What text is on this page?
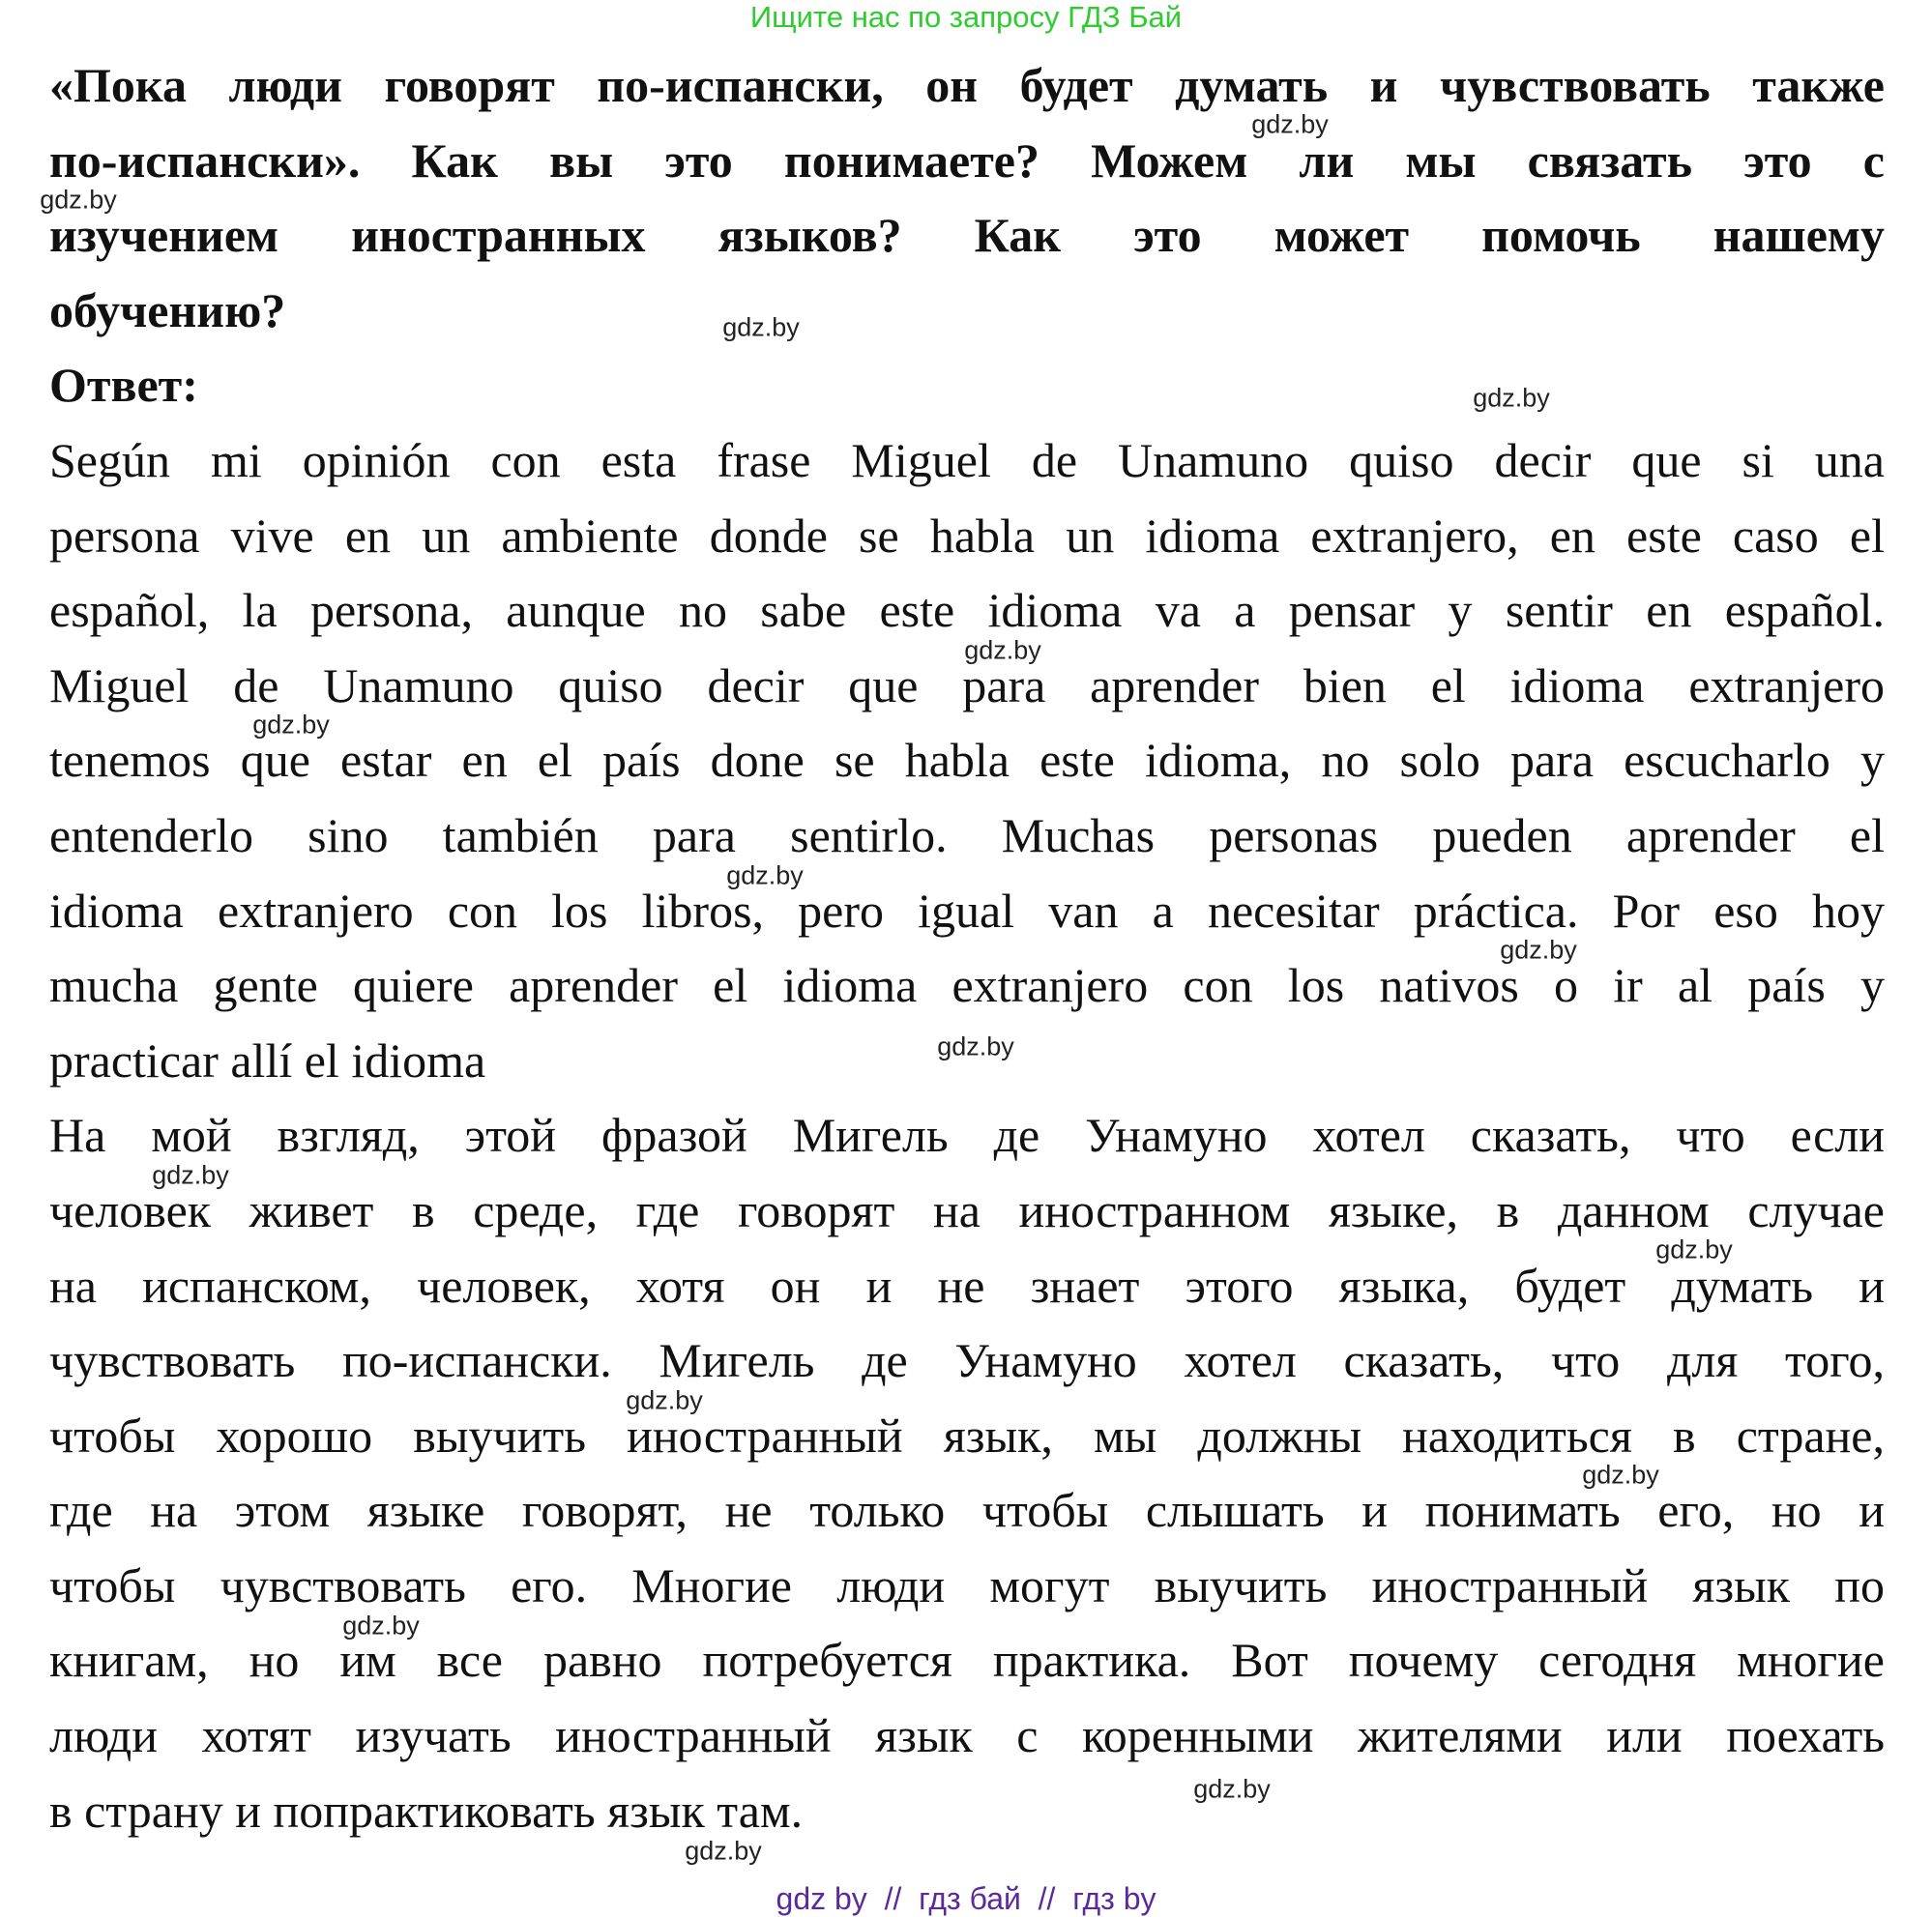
Ищите нас по запросу ГДЗ Бай
«Пока люди говорят по-испански, он будет думать и чувствовать также
по-испански». Как вы это понимаете? Можем ли мы связать это с
изучением иностранных языков? Как это может помочь нашему
обучению?
Ответ:
Según mi opinión con esta frase Miguel de Unamuno quiso decir que si una
persona vive en un ambiente donde se habla un idioma extranjero, en este caso el
español, la persona, aunque no sabe este idioma va a pensar y sentir en español.
Miguel de Unamuno quiso decir que para aprender bien el idioma extranjero
tenemos que estar en el país done se habla este idioma, no solo para escucharlo y
entenderlo sino también para sentirlo. Muchas personas pueden aprender el
idioma extranjero con los libros, pero igual van a necesitar práctica. Por eso hoy
mucha gente quiere aprender el idioma extranjero con los nativos o ir al país y
practicar allí el idioma
На мой взгляд, этой фразой Мигель де Унамуно хотел сказать, что если
человек живет в среде, где говорят на иностранном языке, в данном случае
на испанском, человек, хотя он и не знает этого языка, будет думать и
чувствовать по-испански. Мигель де Унамуно хотел сказать, что для того,
чтобы хорошо выучить иностранный язык, мы должны находиться в стране,
где на этом языке говорят, не только чтобы слышать и понимать его, но и
чтобы чувствовать его. Многие люди могут выучить иностранный язык по
книгам, но им все равно потребуется практика. Вот почему сегодня многие
люди хотят изучать иностранный язык с коренными жителями или поехать
в страну и попрактиковать язык там.
gdz.by
gdz.by
gdz.by
gdz.by
gdz.by
gdz.by
gdz.by
gdz.by
gdz.by
gdz.by
gdz.by
gdz.by
gdz.by
gdz.by
gdz.by
gdz.by
gdz by  //  гдз бай  //  гдз by
